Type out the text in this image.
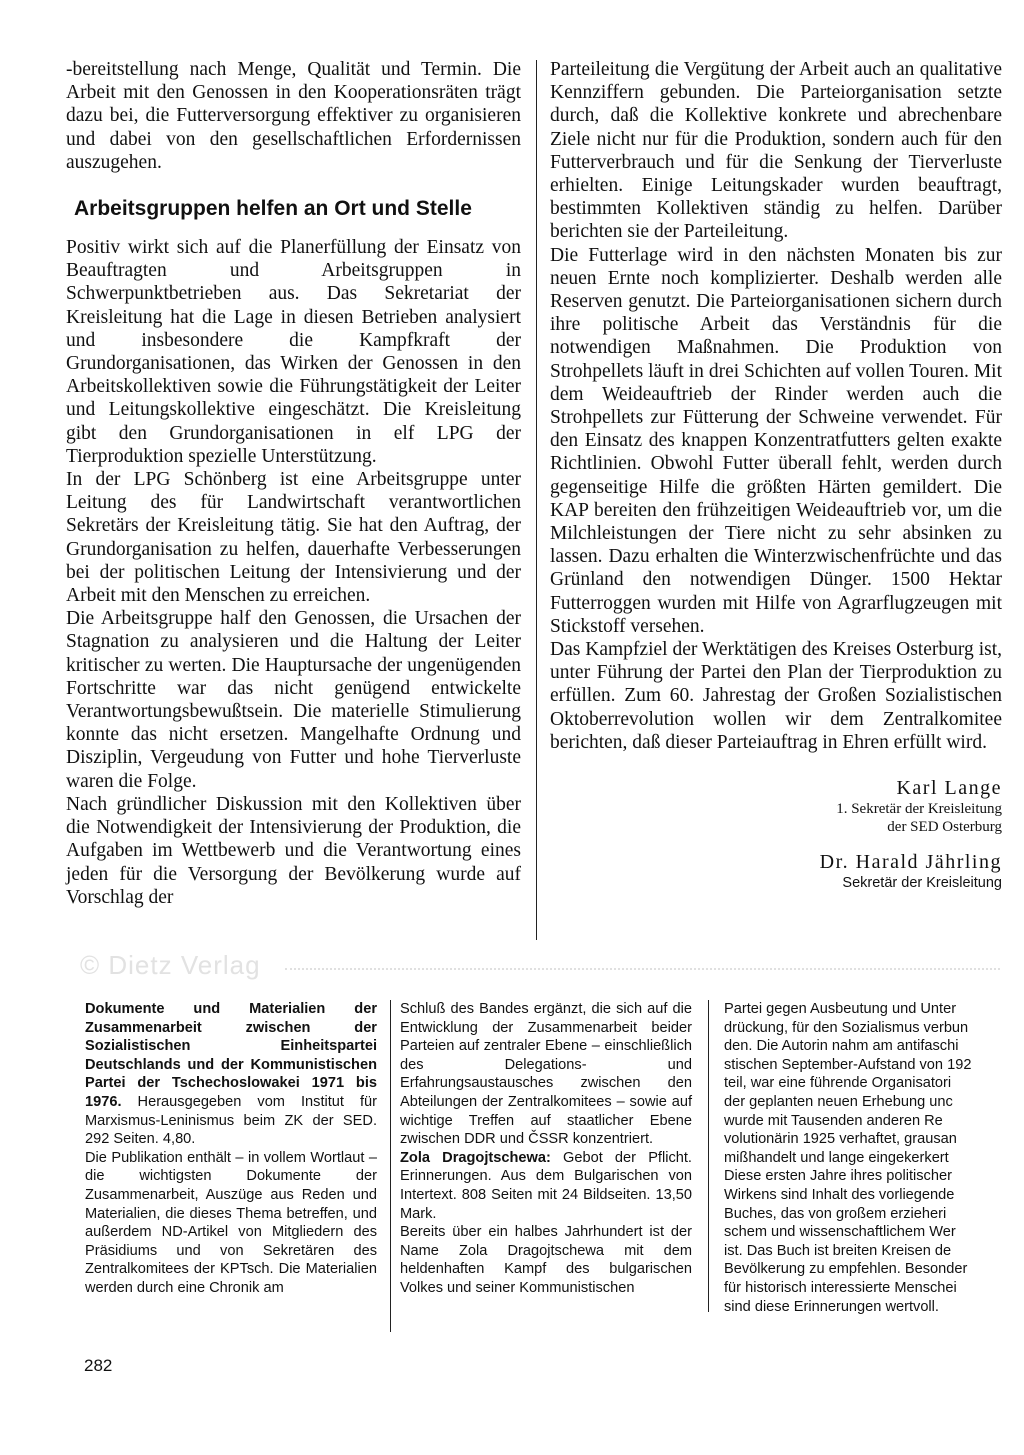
-bereitstellung nach Menge, Qualität und Termin. Die Arbeit mit den Genossen in den Kooperationsräten trägt dazu bei, die Futterversorgung effektiver zu organisieren und dabei von den gesellschaftlichen Erfordernissen auszugehen.

Arbeitsgruppen helfen an Ort und Stelle

Positiv wirkt sich auf die Planerfüllung der Einsatz von Beauftragten und Arbeitsgruppen in Schwerpunktbetrieben aus. Das Sekretariat der Kreisleitung hat die Lage in diesen Betrieben analysiert und insbesondere die Kampfkraft der Grundorganisationen, das Wirken der Genossen in den Arbeitskollektiven sowie die Führungstätigkeit der Leiter und Leitungskollektive eingeschätzt. Die Kreisleitung gibt den Grundorganisationen in elf LPG der Tierproduktion spezielle Unterstützung.

In der LPG Schönberg ist eine Arbeitsgruppe unter Leitung des für Landwirtschaft verantwortlichen Sekretärs der Kreisleitung tätig. Sie hat den Auftrag, der Grundorganisation zu helfen, dauerhafte Verbesserungen bei der politischen Leitung der Intensivierung und der Arbeit mit den Menschen zu erreichen.

Die Arbeitsgruppe half den Genossen, die Ursachen der Stagnation zu analysieren und die Haltung der Leiter kritischer zu werten. Die Hauptursache der ungenügenden Fortschritte war das nicht genügend entwickelte Verantwortungsbewußtsein. Die materielle Stimulierung konnte das nicht ersetzen. Mangelhafte Ordnung und Disziplin, Vergeudung von Futter und hohe Tierverluste waren die Folge.

Nach gründlicher Diskussion mit den Kollektiven über die Notwendigkeit der Intensivierung der Produktion, die Aufgaben im Wettbewerb und die Verantwortung eines jeden für die Versorgung der Bevölkerung wurde auf Vorschlag der

Parteileitung die Vergütung der Arbeit auch an qualitative Kennziffern gebunden. Die Parteiorganisation setzte durch, daß die Kollektive konkrete und abrechenbare Ziele nicht nur für die Produktion, sondern auch für den Futterverbrauch und für die Senkung der Tierverluste erhielten. Einige Leitungskader wurden beauftragt, bestimmten Kollektiven ständig zu helfen. Darüber berichten sie der Parteileitung.

Die Futterlage wird in den nächsten Monaten bis zur neuen Ernte noch komplizierter. Deshalb werden alle Reserven genutzt. Die Parteiorganisationen sichern durch ihre politische Arbeit das Verständnis für die notwendigen Maßnahmen. Die Produktion von Strohpellets läuft in drei Schichten auf vollen Touren. Mit dem Weideauftrieb der Rinder werden auch die Strohpellets zur Fütterung der Schweine verwendet. Für den Einsatz des knappen Konzentratfutters gelten exakte Richtlinien. Obwohl Futter überall fehlt, werden durch gegenseitige Hilfe die größten Härten gemildert. Die KAP bereiten den frühzeitigen Weideauftrieb vor, um die Milchleistungen der Tiere nicht zu sehr absinken zu lassen. Dazu erhalten die Winterzwischenfrüchte und das Grünland den notwendigen Dünger. 1500 Hektar Futterroggen wurden mit Hilfe von Agrarflugzeugen mit Stickstoff versehen.

Das Kampfziel der Werktätigen des Kreises Osterburg ist, unter Führung der Partei den Plan der Tierproduktion zu erfüllen. Zum 60. Jahrestag der Großen Sozialistischen Oktoberrevolution wollen wir dem Zentralkomitee berichten, daß dieser Parteiauftrag in Ehren erfüllt wird.

Karl Lange
1. Sekretär der Kreisleitung
der SED Osterburg
Dr. Harald Jährling
Sekretär der Kreisleitung
© Dietz Verlag

Dokumente und Materialien der Zusammenarbeit zwischen der Sozialistischen Einheitspartei Deutschlands und der Kommunistischen Partei der Tschechoslowakei 1971 bis 1976. Herausgegeben vom Institut für Marxismus-Leninismus beim ZK der SED. 292 Seiten. 4,80.

Die Publikation enthält – in vollem Wortlaut – die wichtigsten Dokumente der Zusammenarbeit, Auszüge aus Reden und Materialien, die dieses Thema betreffen, und außerdem ND-Artikel von Mitgliedern des Präsidiums und von Sekretären des Zentralkomitees der KPTsch. Die Materialien werden durch eine Chronik am

Schluß des Bandes ergänzt, die sich auf die Entwicklung der Zusammenarbeit beider Parteien auf zentraler Ebene – einschließlich des Delegations- und Erfahrungsaustausches zwischen den Abteilungen der Zentralkomitees – sowie auf wichtige Treffen auf staatlicher Ebene zwischen DDR und ČSSR konzentriert.

Zola Dragojtschewa: Gebot der Pflicht. Erinnerungen. Aus dem Bulgarischen von Intertext. 808 Seiten mit 24 Bildseiten. 13,50 Mark.

Bereits über ein halbes Jahrhundert ist der Name Zola Dragojtschewa mit dem heldenhaften Kampf des bulgarischen Volkes und seiner Kommunistischen

Partei gegen Ausbeutung und Unter
drückung, für den Sozialismus verbun
den. Die Autorin nahm am antifaschi
stischen September-Aufstand von 192
teil, war eine führende Organisatori
der geplanten neuen Erhebung unc
wurde mit Tausenden anderen Re
volutionärin 1925 verhaftet, grausan
mißhandelt und lange eingekerkert
Diese ersten Jahre ihres politischer
Wirkens sind Inhalt des vorliegende
Buches, das von großem erzieheri
schem und wissenschaftlichem Wer
ist. Das Buch ist breiten Kreisen de
Bevölkerung zu empfehlen. Besonder
für historisch interessierte Menschei
sind diese Erinnerungen wertvoll.

282
